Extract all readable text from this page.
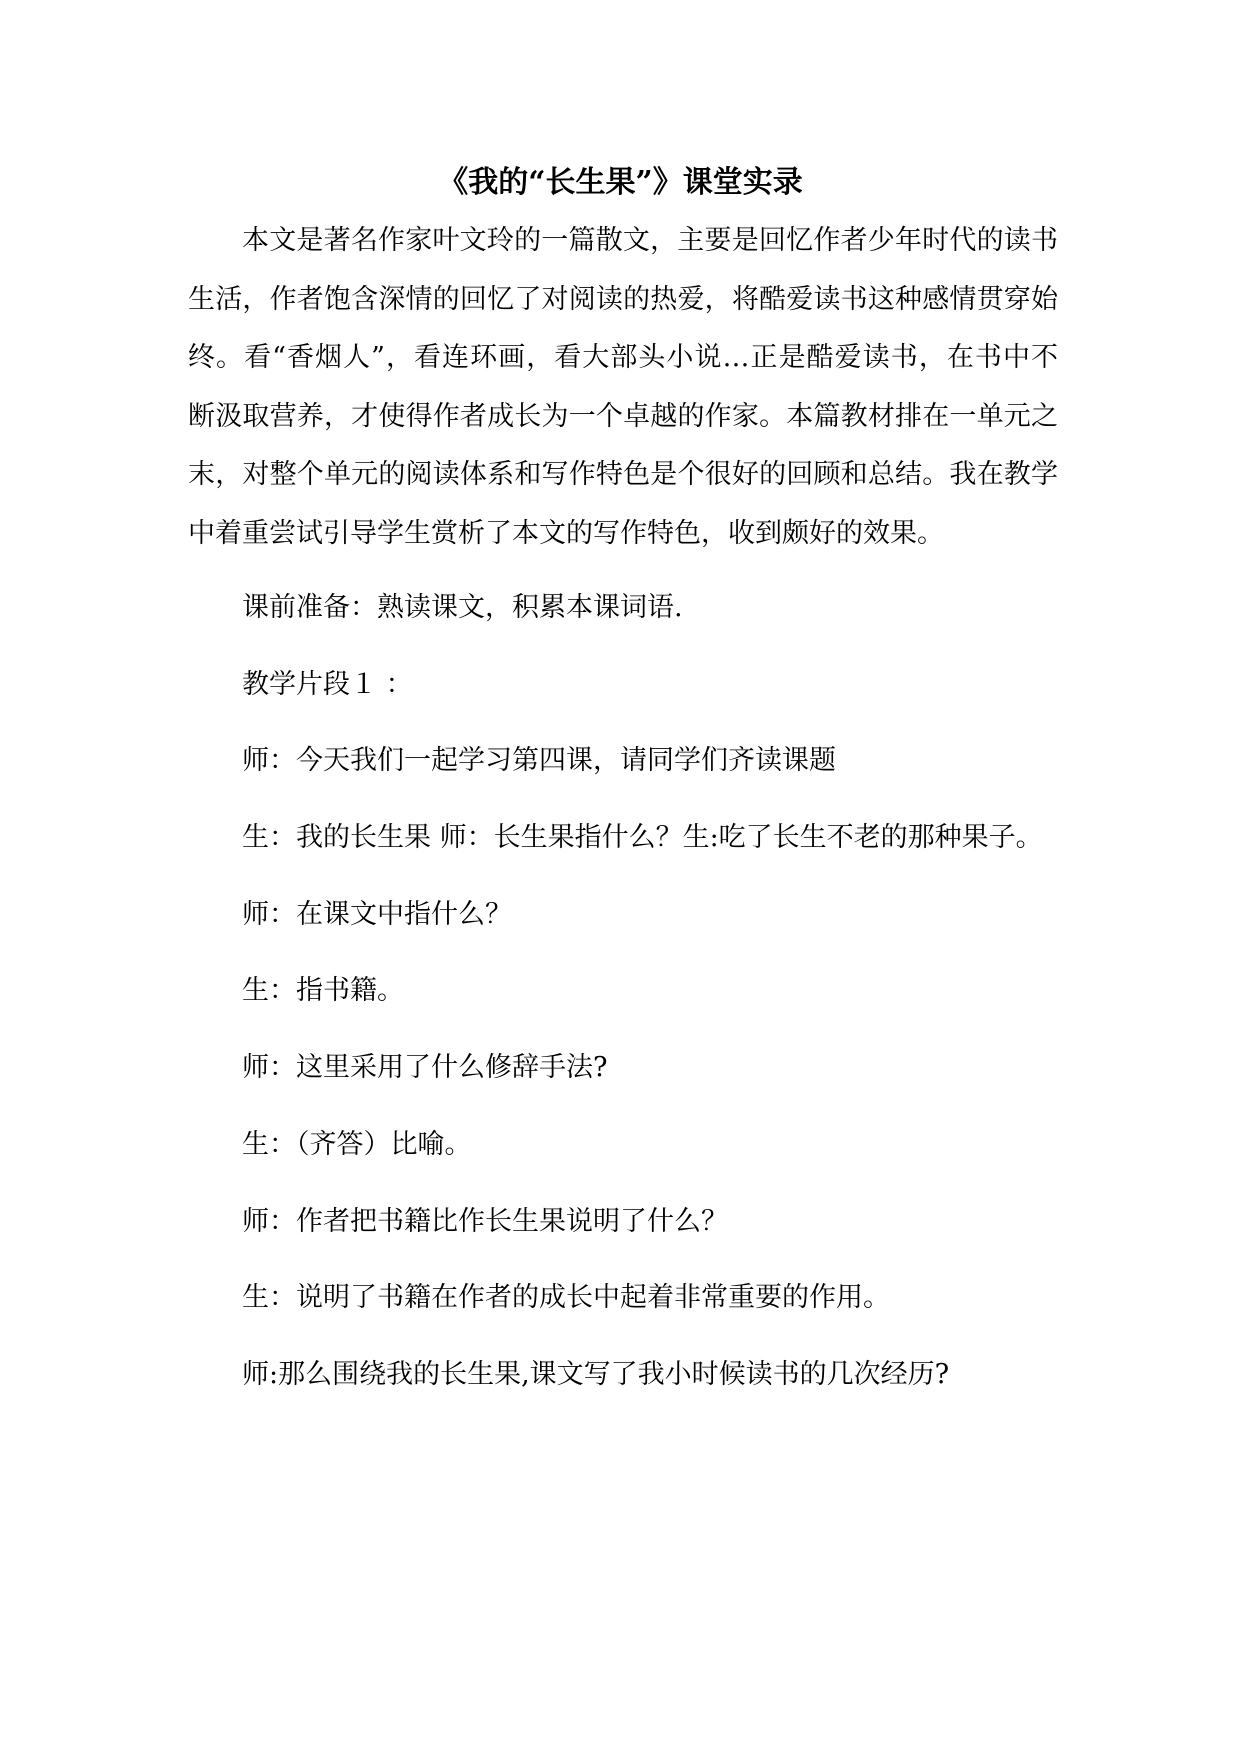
《我的“长生果”》课堂实录
本文是著名作家叶文玲的一篇散文，主要是回忆作者少年时代的读书
生活，作者饱含深情的回忆了对阅读的热爱，将酷爱读书这种感情贯穿始
终。看“香烟人”，看连环画，看大部头小说…正是酷爱读书，在书中不
断汲取营养，才使得作者成长为一个卓越的作家。本篇教材排在一单元之
末，对整个单元的阅读体系和写作特色是个很好的回顾和总结。我在教学
中着重尝试引导学生赏析了本文的写作特色，收到颇好的效果。
课前准备：熟读课文，积累本课词语.
教学片段１ ：
师：今天我们一起学习第四课，请同学们齐读课题
生：我的长生果 师：长生果指什么？生:吃了长生不老的那种果子。
师：在课文中指什么？
生：指书籍。
师：这里采用了什么修辞手法?
生：（齐答）比喻。
师：作者把书籍比作长生果说明了什么？
生：说明了书籍在作者的成长中起着非常重要的作用。
师:那么围绕我的长生果,课文写了我小时候读书的几次经历?
